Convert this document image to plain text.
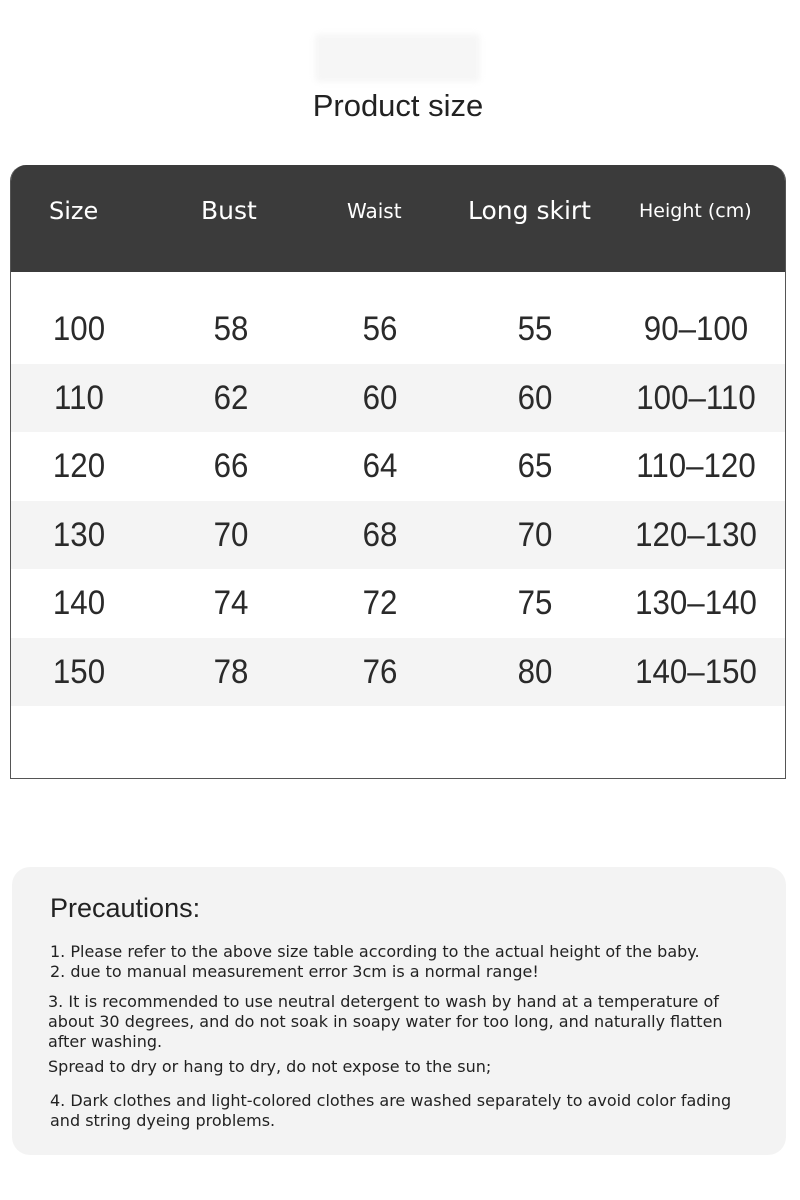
Product size
Size	Bust	Waist	Long skirt	Height (cm)
100	58	56	55	90–100
110	62	60	60	100–110
120	66	64	65	110–120
130	70	68	70	120–130
140	74	72	75	130–140
150	78	76	80	140–150
Precautions:
1. Please refer to the above size table according to the actual height of the baby.
2. due to manual measurement error 3cm is a normal range!
3. It is recommended to use neutral detergent to wash by hand at a temperature of about 30 degrees, and do not soak in soapy water for too long, and naturally flatten after washing.
Spread to dry or hang to dry, do not expose to the sun;
4. Dark clothes and light-colored clothes are washed separately to avoid color fading and string dyeing problems.
